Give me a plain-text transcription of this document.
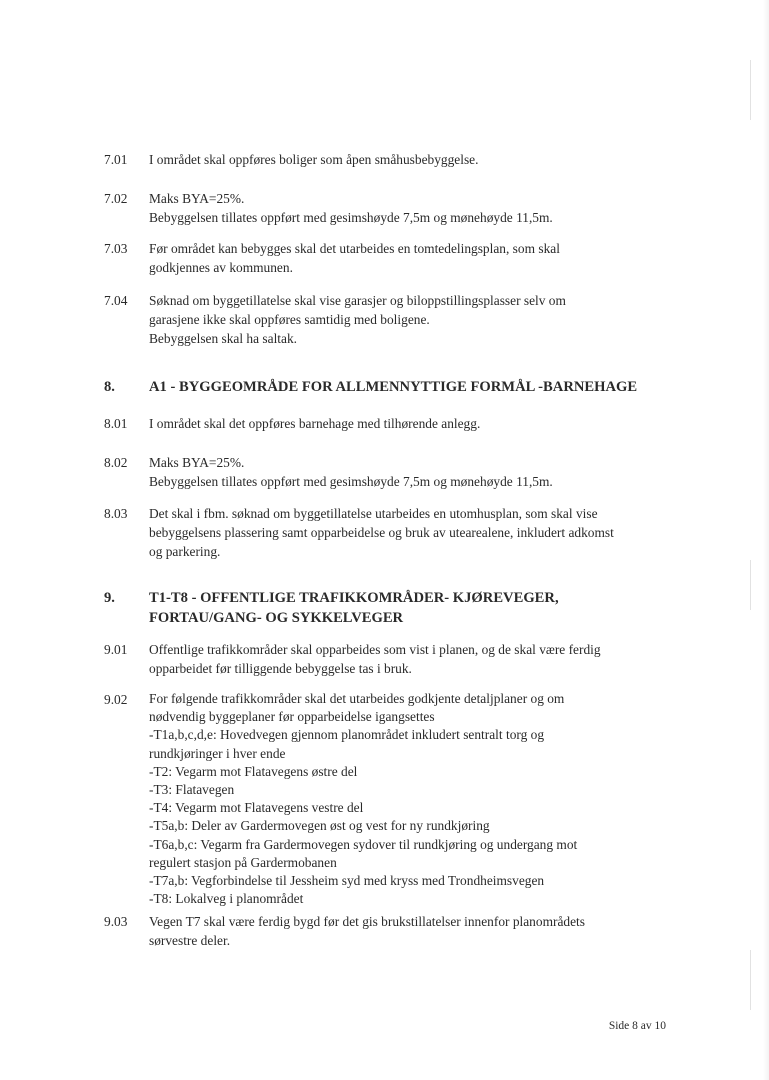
7.01	I området skal oppføres boliger som åpen småhusbebyggelse.
7.02	Maks BYA=25%.
Bebyggelsen tillates oppført med gesimshøyde 7,5m og mønehøyde 11,5m.
7.03	Før området kan bebygges skal det utarbeides en tomtedelingsplan, som skal
godkjennes av kommunen.
7.04	Søknad om byggetillatelse skal vise garasjer og biloppstillingsplasser selv om
garasjene ikke skal oppføres samtidig med boligene.
Bebyggelsen skal ha saltak.
8.	A1 - BYGGEOMRÅDE FOR ALLMENNYTTIGE FORMÅL -BARNEHAGE
8.01	I området skal det oppføres barnehage med tilhørende anlegg.
8.02	Maks BYA=25%.
Bebyggelsen tillates oppført med gesimshøyde 7,5m og mønehøyde 11,5m.
8.03	Det skal i fbm. søknad om byggetillatelse utarbeides en utomhusplan, som skal vise
bebyggelsens plassering samt opparbeidelse og bruk av utearealene, inkludert adkomst
og parkering.
9.	T1-T8 - OFFENTLIGE TRAFIKKOMRÅDER- KJØREVEGER,
FORTAU/GANG- OG SYKKELVEGER
9.01	Offentlige trafikkområder skal opparbeides som vist i planen, og de skal være ferdig
opparbeidet før tilliggende bebyggelse tas i bruk.
9.02	For følgende trafikkområder skal det utarbeides godkjente detaljplaner og om
nødvendig byggeplaner før opparbeidelse igangsettes
-T1a,b,c,d,e: Hovedvegen gjennom planområdet inkludert sentralt torg og
rundkjøringer i hver ende
-T2: Vegarm mot Flatavegens østre del
-T3: Flatavegen
-T4: Vegarm mot Flatavegens vestre del
-T5a,b: Deler av Gardermovegen øst og vest for ny rundkjøring
-T6a,b,c: Vegarm fra Gardermovegen sydover til rundkjøring og undergang mot
regulert stasjon på Gardermobanen
-T7a,b: Vegforbindelse til Jessheim syd med kryss med Trondheimsvegen
-T8: Lokalveg i planområdet
9.03	Vegen T7 skal være ferdig bygd før det gis brukstillatelser innenfor planområdets
sørvestre deler.
Side 8 av 10
